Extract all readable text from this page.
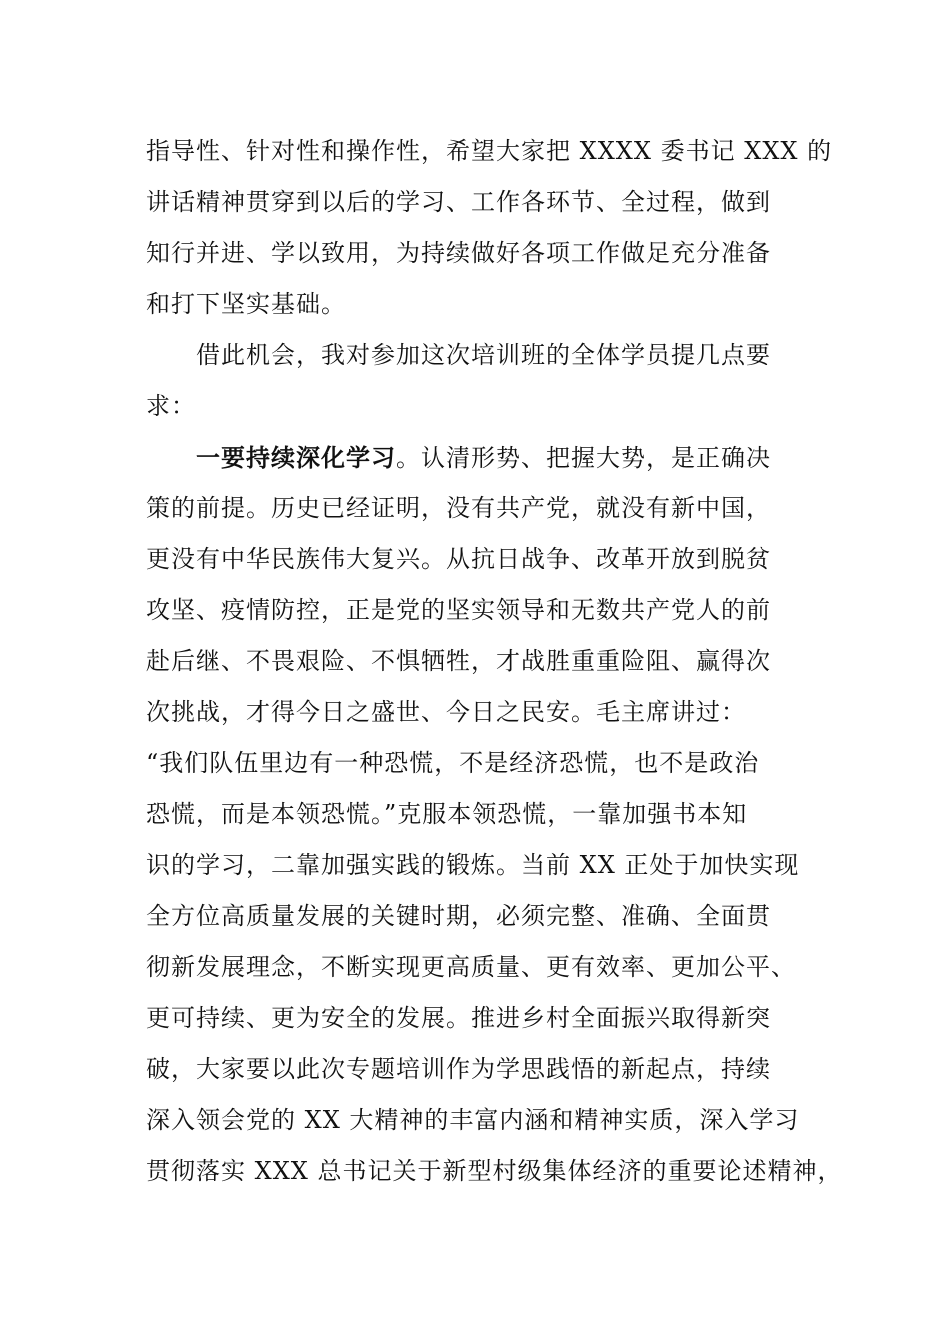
指导性、针对性和操作性，希望大家把 XXXX 委书记 XXX 的
讲话精神贯穿到以后的学习、工作各环节、全过程，做到
知行并进、学以致用，为持续做好各项工作做足充分准备
和打下坚实基础。
借此机会，我对参加这次培训班的全体学员提几点要
求：
一要持续深化学习。认清形势、把握大势，是正确决
策的前提。历史已经证明，没有共产党，就没有新中国，
更没有中华民族伟大复兴。从抗日战争、改革开放到脱贫
攻坚、疫情防控，正是党的坚实领导和无数共产党人的前
赴后继、不畏艰险、不惧牺牲，才战胜重重险阻、赢得次
次挑战，才得今日之盛世、今日之民安。毛主席讲过：
“我们队伍里边有一种恐慌，不是经济恐慌，也不是政治
恐慌，而是本领恐慌。”克服本领恐慌，一靠加强书本知
识的学习，二靠加强实践的锻炼。当前 XX 正处于加快实现
全方位高质量发展的关键时期，必须完整、准确、全面贯
彻新发展理念，不断实现更高质量、更有效率、更加公平、
更可持续、更为安全的发展。推进乡村全面振兴取得新突
破，大家要以此次专题培训作为学思践悟的新起点，持续
深入领会党的 XX 大精神的丰富内涵和精神实质，深入学习
贯彻落实 XXX 总书记关于新型村级集体经济的重要论述精神，
